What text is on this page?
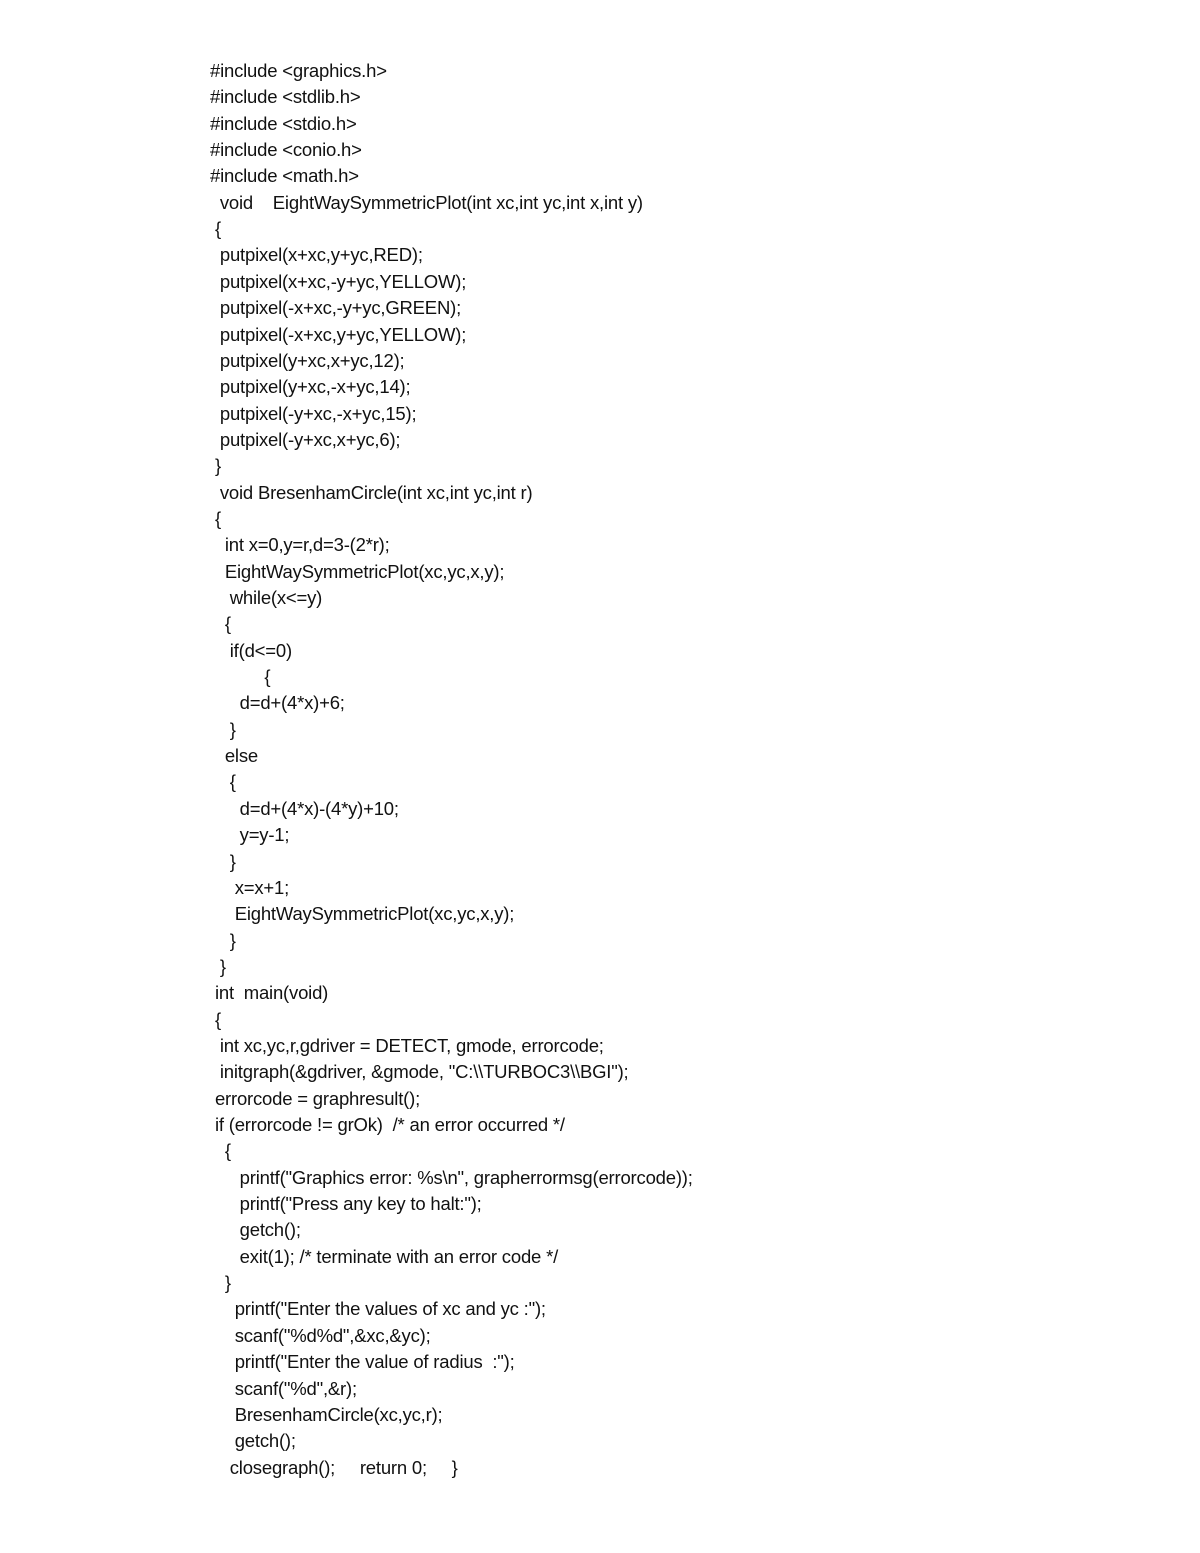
#include <graphics.h>
#include <stdlib.h>
#include <stdio.h>
#include <conio.h>
#include <math.h>
void    EightWaySymmetricPlot(int xc,int yc,int x,int y)
{
putpixel(x+xc,y+yc,RED);
putpixel(x+xc,-y+yc,YELLOW);
putpixel(-x+xc,-y+yc,GREEN);
putpixel(-x+xc,y+yc,YELLOW);
putpixel(y+xc,x+yc,12);
putpixel(y+xc,-x+yc,14);
putpixel(-y+xc,-x+yc,15);
putpixel(-y+xc,x+yc,6);
}
void BresenhamCircle(int xc,int yc,int r)
{
int x=0,y=r,d=3-(2*r);
EightWaySymmetricPlot(xc,yc,x,y);
while(x<=y)
{
if(d<=0)
{
d=d+(4*x)+6;
}
else
{
d=d+(4*x)-(4*y)+10;
y=y-1;
}
x=x+1;
EightWaySymmetricPlot(xc,yc,x,y);
}
}
int  main(void)
{
int xc,yc,r,gdriver = DETECT, gmode, errorcode;
initgraph(&gdriver, &gmode, "C:\\TURBOC3\\BGI");
errorcode = graphresult();
if (errorcode != grOk)  /* an error occurred */
{
printf("Graphics error: %s\n", grapherrormsg(errorcode));
printf("Press any key to halt:");
getch();
exit(1); /* terminate with an error code */
}
printf("Enter the values of xc and yc :");
scanf("%d%d",&xc,&yc);
printf("Enter the value of radius  :");
scanf("%d",&r);
BresenhamCircle(xc,yc,r);
getch();
closegraph();     return 0;     }
